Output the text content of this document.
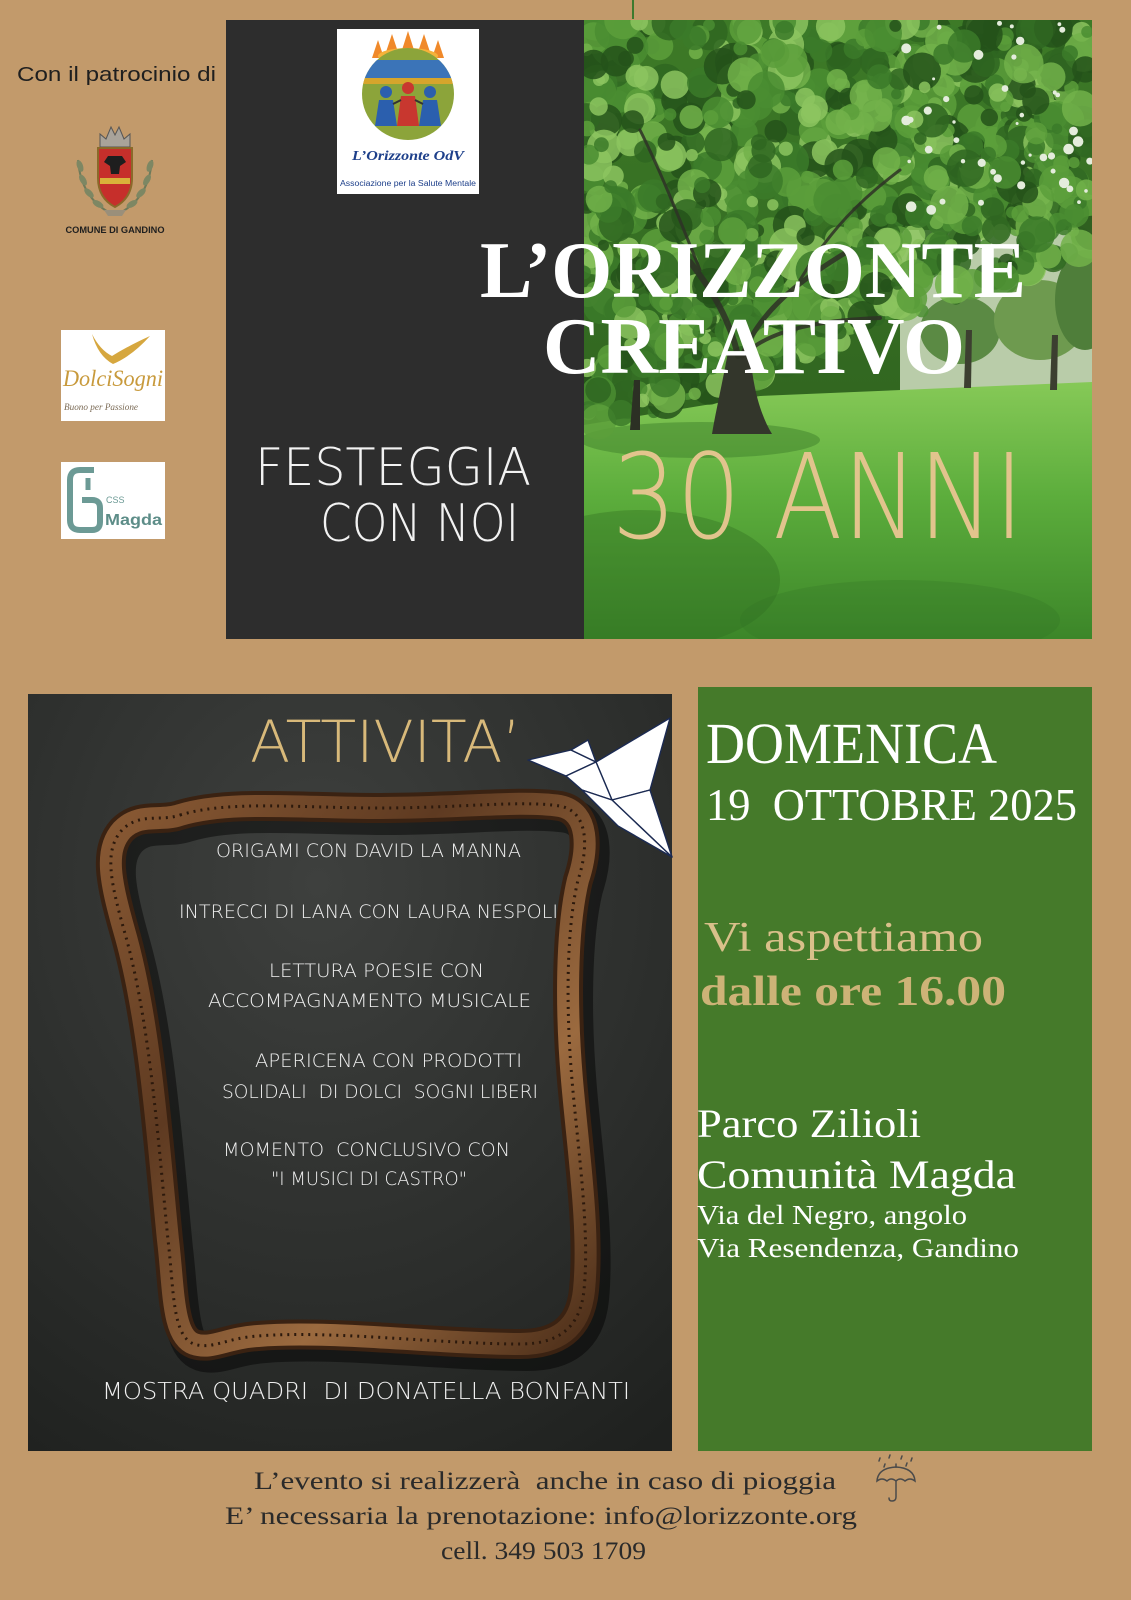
Con il patrocinio di
COMUNE DI GANDINO
DolciSogni
Buono per Passione
CSS
Magda
L’Orizzonte OdV
Associazione per la Salute Mentale
L’ORIZZONTE
CREATIVO
FESTEGGIA
CON NOI 30 ANNI
ATTIVITA’
ORIGAMI CON DAVID LA MANNA
INTRECCI DI LANA CON LAURA NESPOLI
LETTURA POESIE CON
ACCOMPAGNAMENTO MUSICALE
APERICENA CON PRODOTTI
SOLIDALI  DI DOLCI  SOGNI LIBERI
MOMENTO  CONCLUSIVO CON
"I MUSICI DI CASTRO"
MOSTRA QUADRI  DI DONATELLA BONFANTI
DOMENICA
19  OTTOBRE 2025
Vi aspettiamo
dalle ore 16.00
Parco Zilioli
Comunità Magda
Via del Negro, angolo
Via Resendenza, Gandino
L’evento si realizzerà  anche in caso di pioggia
E’ necessaria la prenotazione: info@lorizzonte.org
cell. 349 503 1709
